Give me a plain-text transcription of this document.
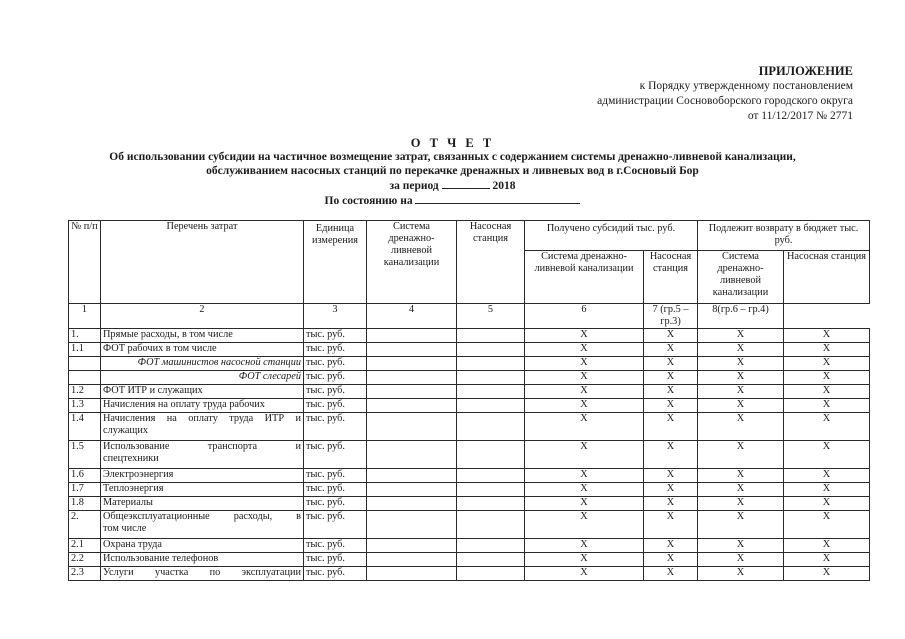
ПРИЛОЖЕНИЕ
к Порядку утвержденному постановлением
администрации Сосновоборского городского округа
от 11/12/2017 № 2771
О Т Ч Е Т
Об использовании субсидии на частичное возмещение затрат, связанных с содержанием системы дренажно-ливневой канализации,
обслуживанием насосных станций по перекачке дренажных и ливневых вод в г.Сосновый Бор
за период	2018
По состоянию на
№ п/п	Перечень затрат	Единица измерения	Система дренажно-ливневой канализации	Насосная станция	Получено субсидий тыс. руб.		Подлежит возврату в бюджет тыс. руб.	
					Система дренажно-ливневой канализации	Насосная станция	Система дренажно-ливневой канализации	Насосная станция
1	2	3	4	5	6	7 (гр.5 – гр.3)	8(гр.6 – гр.4)	
1.	Прямые расходы, в том числе	тыс. руб.			X	X	X	X
1.1	ФОТ рабочих в том числе	тыс. руб.			X	X	X	X
	ФОТ машинистов насосной станции	тыс. руб.			X	X	X	X
	ФОТ слесарей	тыс. руб.			X	X	X	X
1.2	ФОТ ИТР и служащих	тыс. руб.			X	X	X	X
1.3	Начисления на оплату труда рабочих	тыс. руб.			X	X	X	X
1.4	Начисления на оплату труда ИТР и
служащих	тыс. руб.			X	X	X	X
1.5	Использование транспорта и
спецтехники	тыс. руб.			X	X	X	X
1.6	Электроэнергия	тыс. руб.			X	X	X	X
1.7	Теплоэнергия	тыс. руб.			X	X	X	X
1.8	Материалы	тыс. руб.			X	X	X	X
2.	Общеэксплуатационные расходы, в
том числе	тыс. руб.			X	X	X	X
2.1	Охрана труда	тыс. руб.			X	X	X	X
2.2	Использование телефонов	тыс. руб.			X	X	X	X
2.3	Услуги участка по эксплуатации	тыс. руб.			X	X	X	X
